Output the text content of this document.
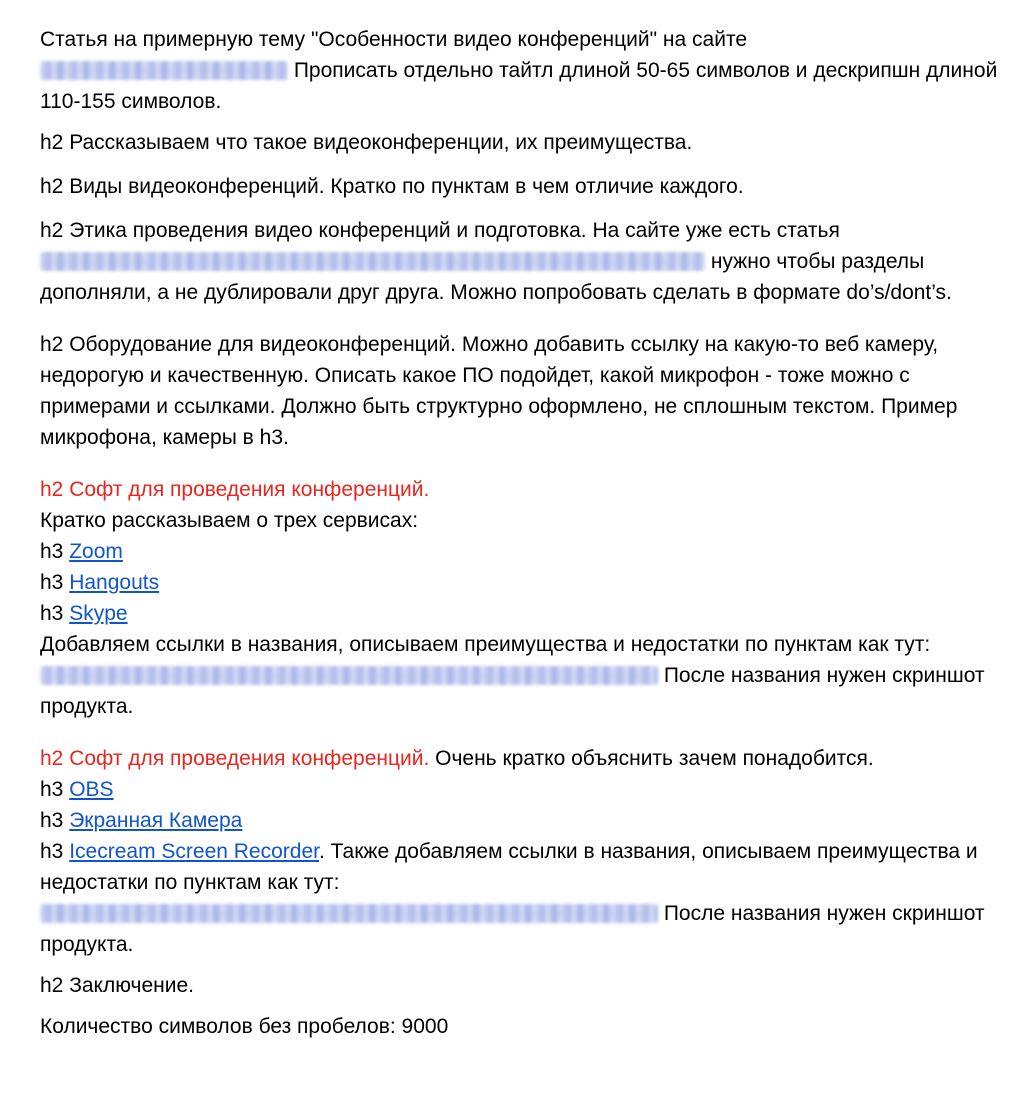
Статья на примерную тему "Особенности видео конференций" на сайте
Прописать отдельно тайтл длиной 50-65 символов и дескрипшн длиной 110-155 символов.

h2 Рассказываем что такое видеоконференции, их преимущества.

h2 Виды видеоконференций. Кратко по пунктам в чем отличие каждого.

h2 Этика проведения видео конференций и подготовка. На сайте уже есть статья
нужно чтобы разделы дополняли, а не дублировали друг друга. Можно попробовать сделать в формате do’s/dont’s.

h2 Оборудование для видеоконференций. Можно добавить ссылку на какую-то веб камеру, недорогую и качественную. Описать какое ПО подойдет, какой микрофон - тоже можно с примерами и ссылками. Должно быть структурно оформлено, не сплошным текстом. Пример микрофона, камеры в h3.

h2 Софт для проведения конференций.

Кратко рассказываем о трех сервисах:

h3 Zoom

h3 Hangouts

h3 Skype

Добавляем ссылки в названия, описываем преимущества и недостатки по пунктам как тут:  После названия нужен скриншот продукта.

h2 Софт для проведения конференций. Очень кратко объяснить зачем понадобится.

h3 OBS

h3 Экранная Камера

h3 Icecream Screen Recorder. Также добавляем ссылки в названия, описываем преимущества и недостатки по пунктам как тут:

После названия нужен скриншот продукта.

h2 Заключение.

Количество символов без пробелов: 9000
